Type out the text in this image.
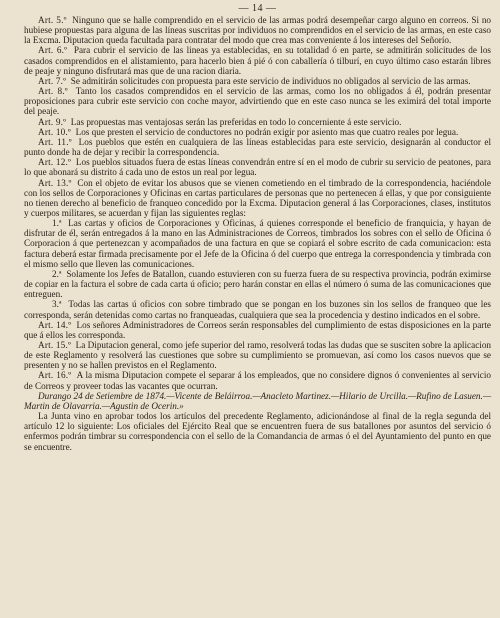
— 14 —

Art. 5.º Ninguno que se halle comprendido en el servicio de las armas podrá desempeñar cargo alguno en correos. Si no hubiese propuestas para alguna de las líneas suscritas por individuos no comprendidos en el servicio de las armas, en este caso la Excma. Diputacion queda facultada para contratar del modo que crea mas conveniente á los intereses del Señorío.

Art. 6.º Para cubrir el servicio de las lineas ya establecidas, en su totalidad ó en parte, se admitirán solicitudes de los casados comprendidos en el alistamiento, para hacerlo bien á pié ó con caballería ó tilburí, en cuyo último caso estarán libres de peaje y ninguno disfrutará mas que de una racion diaria.

Art. 7.º Se admitirán solicitudes con propuesta para este servicio de individuos no obligados al servicio de las armas.

Art. 8.º Tanto los casados comprendidos en el servicio de las armas, como los no obligados á él, podrán presentar proposiciones para cubrir este servicio con coche mayor, advirtiendo que en este caso nunca se les eximirá del total importe del peaje.

Art. 9.º Las propuestas mas ventajosas serán las preferidas en todo lo concerniente á este servicio.

Art. 10.º Los que presten el servicio de conductores no podrán exigir por asiento mas que cuatro reales por legua.

Art. 11.º Los pueblos que estén en cualquiera de las líneas establecidas para este servicio, designarán al conductor el punto donde ha de dejar y recibir la correspondencia.

Art. 12.º Los pueblos situados fuera de estas líneas convendrán entre sí en el modo de cubrir su servicio de peatones, para lo que abonará su distrito á cada uno de estos un real por legua.

Art. 13.º Con el objeto de evitar los abusos que se vienen cometiendo en el timbrado de la correspondencia, haciéndole con los sellos de Corporaciones y Oficinas en cartas particulares de personas que no pertenecen á ellas, y que por consiguiente no tienen derecho al beneficio de franqueo concedido por la Excma. Diputacion general á las Corporaciones, clases, institutos y cuerpos militares, se acuerdan y fijan las siguientes reglas:

1.ª Las cartas y oficios de Corporaciones y Oficinas, á quienes corresponde el beneficio de franquicia, y hayan de disfrutar de él, serán entregados á la mano en las Administraciones de Correos, timbrados los sobres con el sello de Oficina ó Corporacion á que pertenezcan y acompañados de una factura en que se copiará el sobre escrito de cada comunicacion: esta factura deberá estar firmada precisamente por el Jefe de la Oficina ó del cuerpo que entrega la correspondencia y timbrada con el mismo sello que lleven las comunicaciones.

2.ª Solamente los Jefes de Batallon, cuando estuvieren con su fuerza fuera de su respectiva provincia, podrán eximirse de copiar en la factura el sobre de cada carta ú oficio; pero harán constar en ellas el número ó suma de las comunicaciones que entreguen.

3.ª Todas las cartas ú oficios con sobre timbrado que se pongan en los buzones sin los sellos de franqueo que les corresponda, serán detenidas como cartas no franqueadas, cualquiera que sea la procedencia y destino indicados en el sobre.

Art. 14.º Los señores Administradores de Correos serán responsables del cumplimiento de estas disposiciones en la parte que á ellos les corresponda.

Art. 15.º La Diputacion general, como jefe superior del ramo, resolverá todas las dudas que se susciten sobre la aplicacion de este Reglamento y resolverá las cuestiones que sobre su cumplimiento se promuevan, así como los casos nuevos que se presenten y no se hallen previstos en el Reglamento.

Art. 16.º A la misma Diputacion compete el separar á los empleados, que no considere dignos ó convenientes al servicio de Correos y proveer todas las vacantes que ocurran.

Durango 24 de Setiembre de 1874.—Vicente de Beláirroa.—Anacleto Martinez.—Hilario de Urcilla.—Rufino de Lasuen.—Martin de Olavarria.—Agustin de Ocerin.»

La Junta vino en aprobar todos los artículos del precedente Reglamento, adicionándose al final de la regla segunda del artículo 12 lo siguiente: Los oficiales del Ejército Real que se encuentren fuera de sus batallones por asuntos del servicio ó enfermos podrán timbrar su correspondencia con el sello de la Comandancia de armas ó el del Ayuntamiento del punto en que se encuentre.
